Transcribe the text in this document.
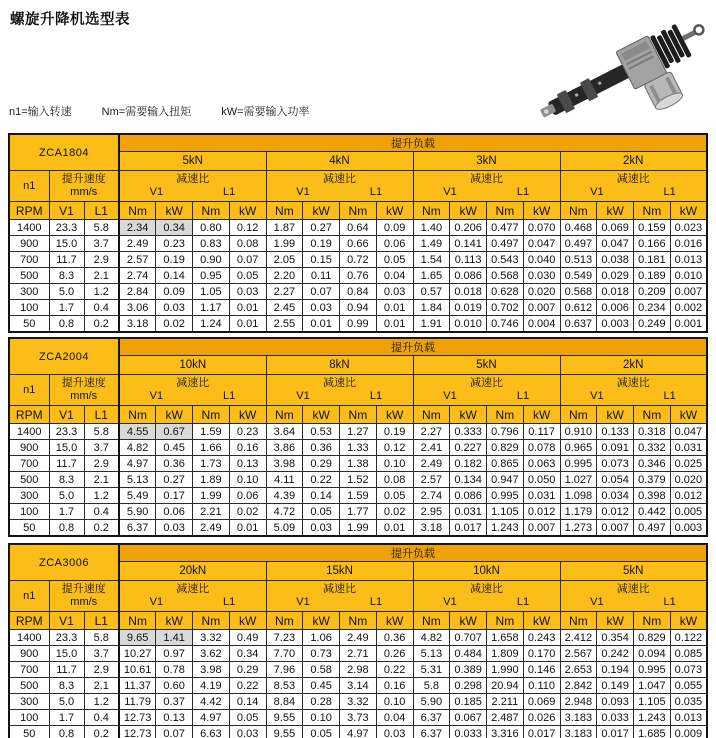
螺旋升降机选型表
n1=输入转速	Nm=需要输入扭矩	kW=需要输入功率
ZCA1804			提升负载															
			5kN				4kN				3kN				2kN			
n1	
提升速度
mm/s

减速比
V1	L1

减速比
V1	L1

减速比
V1	L1

减速比
V1	L1

RPM	V1	L1	Nm	kW	Nm	kW	Nm	kW	Nm	kW	Nm	kW	Nm	kW	Nm	kW	Nm	kW
1400	23.3	5.8	2.34	0.34	0.80	0.12	1.87	0.27	0.64	0.09	1.40	0.206	0.477	0.070	0.468	0.069	0.159	0.023
900	15.0	3.7	2.49	0.23	0.83	0.08	1.99	0.19	0.66	0.06	1.49	0.141	0.497	0.047	0.497	0.047	0.166	0.016
700	11.7	2.9	2.57	0.19	0.90	0.07	2.05	0.15	0.72	0.05	1.54	0.113	0.543	0.040	0.513	0.038	0.181	0.013
500	8.3	2.1	2.74	0.14	0.95	0.05	2.20	0.11	0.76	0.04	1.65	0.086	0.568	0.030	0.549	0.029	0.189	0.010
300	5.0	1.2	2.84	0.09	1.05	0.03	2.27	0.07	0.84	0.03	0.57	0.018	0.628	0.020	0.568	0.018	0.209	0.007
100	1.7	0.4	3.06	0.03	1.17	0.01	2.45	0.03	0.94	0.01	1.84	0.019	0.702	0.007	0.612	0.006	0.234	0.002
50	0.8	0.2	3.18	0.02	1.24	0.01	2.55	0.01	0.99	0.01	1.91	0.010	0.746	0.004	0.637	0.003	0.249	0.001
ZCA2004			提升负载															
			10kN				8kN				5kN				2kN			
n1	
提升速度
mm/s

减速比
V1	L1

减速比
V1	L1

减速比
V1	L1

减速比
V1	L1

RPM	V1	L1	Nm	kW	Nm	kW	Nm	kW	Nm	kW	Nm	kW	Nm	kW	Nm	kW	Nm	kW
1400	23.3	5.8	4.55	0.67	1.59	0.23	3.64	0.53	1.27	0.19	2.27	0.333	0.796	0.117	0.910	0.133	0.318	0.047
900	15.0	3.7	4.82	0.45	1.66	0.16	3.86	0.36	1.33	0.12	2.41	0.227	0.829	0.078	0.965	0.091	0.332	0.031
700	11.7	2.9	4.97	0.36	1.73	0.13	3.98	0.29	1.38	0.10	2.49	0.182	0.865	0.063	0.995	0.073	0.346	0.025
500	8.3	2.1	5.13	0.27	1.89	0.10	4.11	0.22	1.52	0.08	2.57	0.134	0.947	0.050	1.027	0.054	0.379	0.020
300	5.0	1.2	5.49	0.17	1.99	0.06	4.39	0.14	1.59	0.05	2.74	0.086	0.995	0.031	1.098	0.034	0.398	0.012
100	1.7	0.4	5.90	0.06	2.21	0.02	4.72	0.05	1.77	0.02	2.95	0.031	1.105	0.012	1.179	0.012	0.442	0.005
50	0.8	0.2	6.37	0.03	2.49	0.01	5.09	0.03	1.99	0.01	3.18	0.017	1.243	0.007	1.273	0.007	0.497	0.003
ZCA3006			提升负载															
			20kN				15kN				10kN				5kN			
n1	
提升速度
mm/s

减速比
V1	L1

减速比
V1	L1

减速比
V1	L1

减速比
V1	L1

RPM	V1	L1	Nm	kW	Nm	kW	Nm	kW	Nm	kW	Nm	kW	Nm	kW	Nm	kW	Nm	kW
1400	23.3	5.8	9.65	1.41	3.32	0.49	7.23	1.06	2.49	0.36	4.82	0.707	1.658	0.243	2.412	0.354	0.829	0.122
900	15.0	3.7	10.27	0.97	3.62	0.34	7.70	0.73	2.71	0.26	5.13	0.484	1.809	0.170	2.567	0.242	0.094	0.085
700	11.7	2.9	10.61	0.78	3.98	0.29	7.96	0.58	2.98	0.22	5.31	0.389	1.990	0.146	2.653	0.194	0.995	0.073
500	8.3	2.1	11.37	0.60	4.19	0.22	8.53	0.45	3.14	0.16	5.8	0.298	20.94	0.110	2.842	0.149	1.047	0.055
300	5.0	1.2	11.79	0.37	4.42	0.14	8.84	0.28	3.32	0.10	5.90	0.185	2.211	0.069	2.948	0.093	1.105	0.035
100	1.7	0.4	12.73	0.13	4.97	0.05	9.55	0.10	3.73	0.04	6.37	0.067	2.487	0.026	3.183	0.033	1.243	0.013
50	0.8	0.2	12.73	0.07	6.63	0.03	9.55	0.05	4.97	0.03	6.37	0.033	3.316	0.017	3.183	0.017	1.685	0.009
